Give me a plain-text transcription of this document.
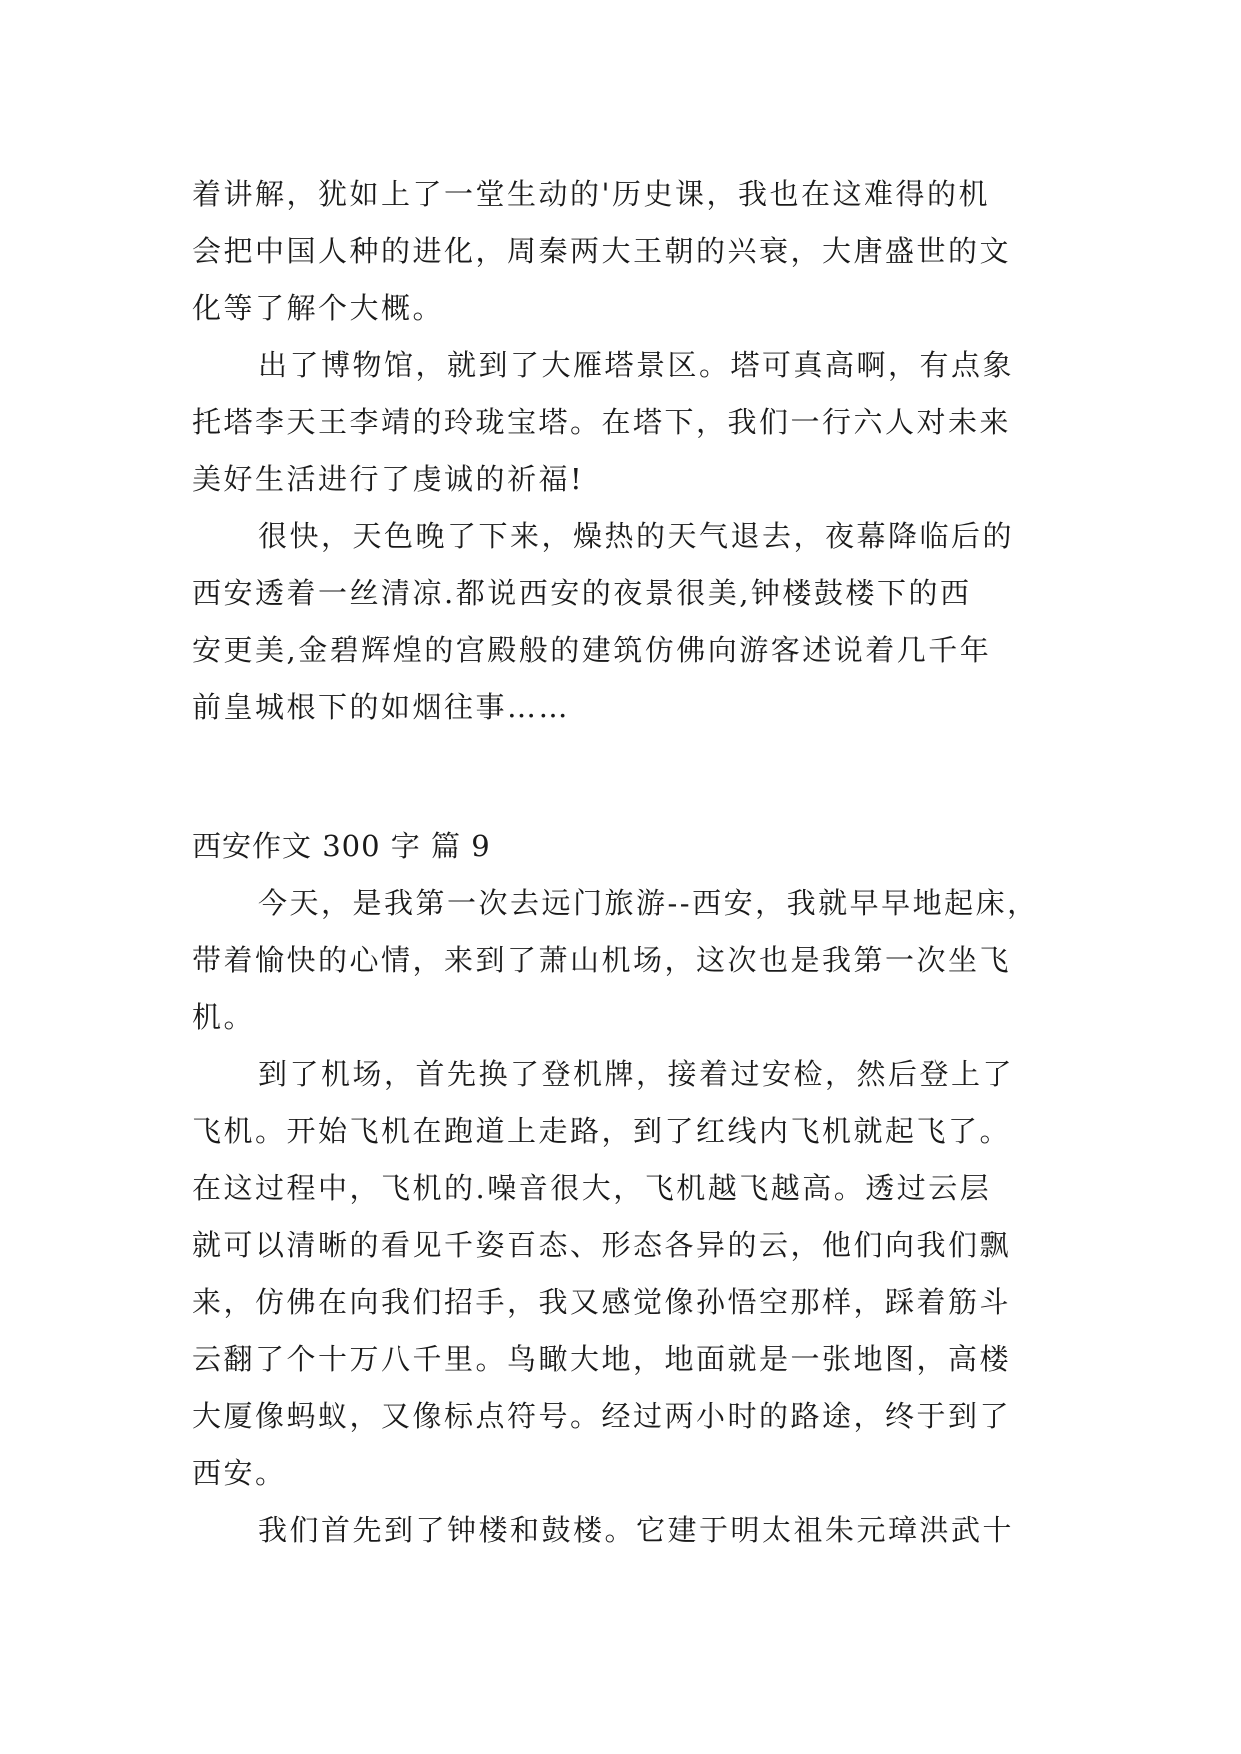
着讲解，犹如上了一堂生动的'历史课，我也在这难得的机
会把中国人种的进化，周秦两大王朝的兴衰，大唐盛世的文
化等了解个大概。
出了博物馆，就到了大雁塔景区。塔可真高啊，有点象
托塔李天王李靖的玲珑宝塔。在塔下，我们一行六人对未来
美好生活进行了虔诚的祈福!
很快，天色晚了下来，燥热的天气退去，夜幕降临后的
西安透着一丝清凉.都说西安的夜景很美,钟楼鼓楼下的西
安更美,金碧辉煌的宫殿般的建筑仿佛向游客述说着几千年
前皇城根下的如烟往事……
西安作文 300 字 篇 9
今天，是我第一次去远门旅游--西安，我就早早地起床，
带着愉快的心情，来到了萧山机场，这次也是我第一次坐飞
机。
到了机场，首先换了登机牌，接着过安检，然后登上了
飞机。开始飞机在跑道上走路，到了红线内飞机就起飞了。
在这过程中，飞机的.噪音很大，飞机越飞越高。透过云层
就可以清晰的看见千姿百态、形态各异的云，他们向我们飘
来，仿佛在向我们招手，我又感觉像孙悟空那样，踩着筋斗
云翻了个十万八千里。鸟瞰大地，地面就是一张地图，高楼
大厦像蚂蚁，又像标点符号。经过两小时的路途，终于到了
西安。
我们首先到了钟楼和鼓楼。它建于明太祖朱元璋洪武十
